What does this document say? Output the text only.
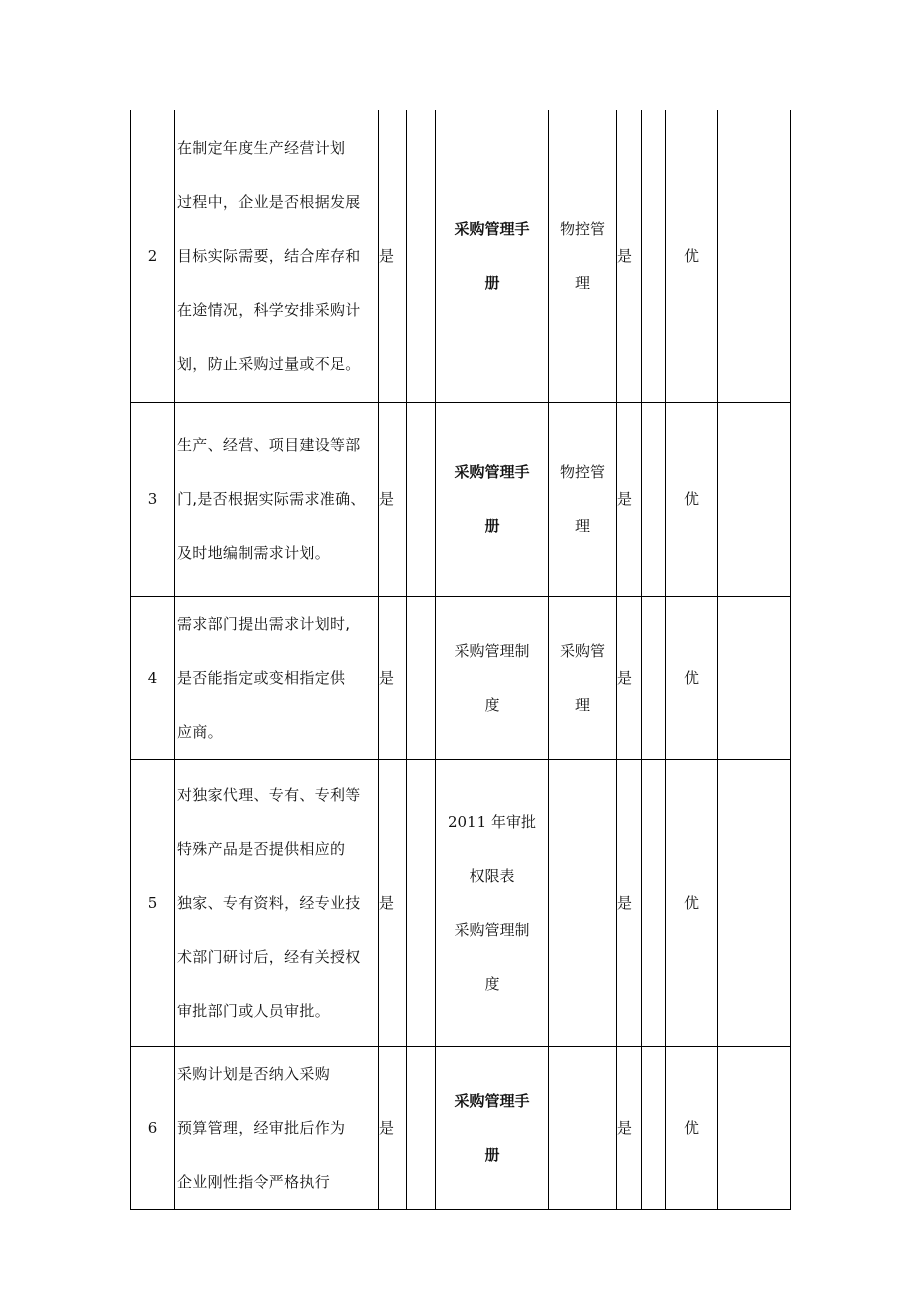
2	在制定年度生产经营计划
过程中，企业是否根据发展
目标实际需要，结合库存和
在途情况，科学安排采购计
划，防止采购过量或不足。	是		采购管理手
册	物控管
理	是		优	
3	生产、经营、项目建设等部
门,是否根据实际需求准确、
及时地编制需求计划。	是		采购管理手
册	物控管
理	是		优	
4	需求部门提出需求计划时,
是否能指定或变相指定供
应商。	是		采购管理制
度	采购管
理	是		优	
5	对独家代理、专有、专利等
特殊产品是否提供相应的
独家、专有资料，经专业技
术部门研讨后，经有关授权
审批部门或人员审批。	是		2011 年审批
权限表
采购管理制
度		是		优	
6	采购计划是否纳入采购
预算管理，经审批后作为
企业刚性指令严格执行	是		采购管理手
册		是		优	
